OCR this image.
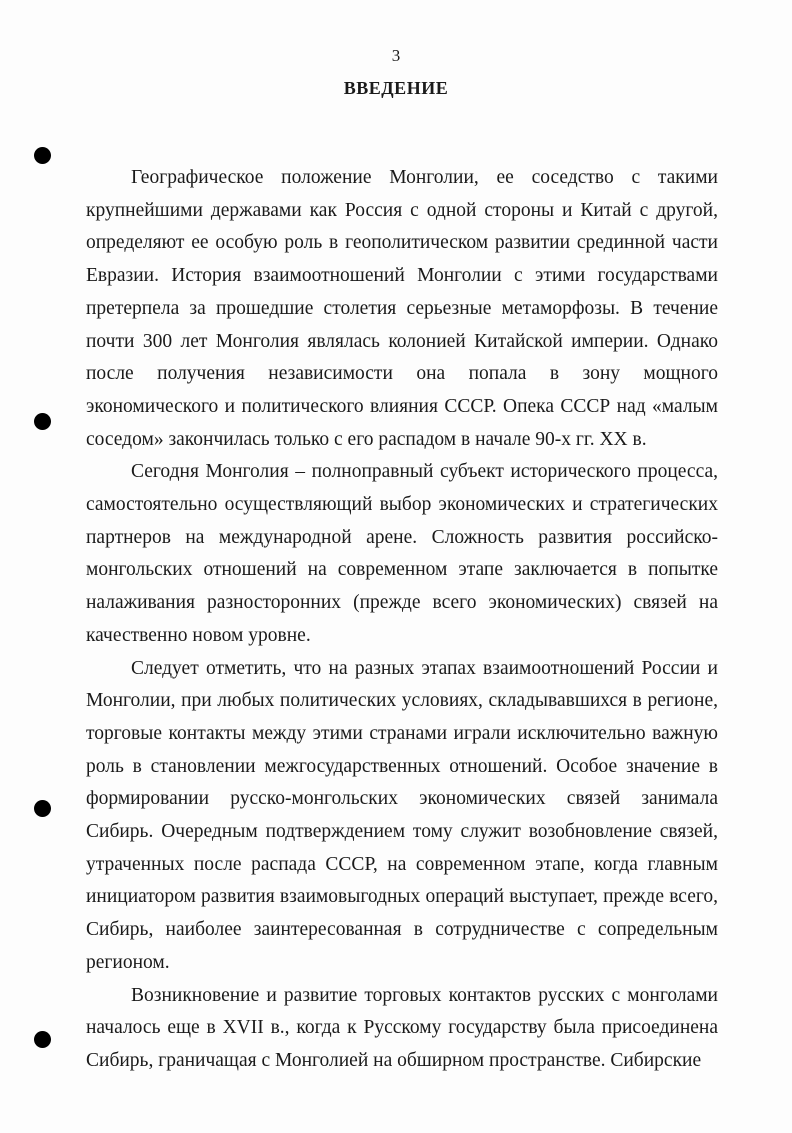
3
ВВЕДЕНИЕ

Географическое положение Монголии, ее соседство с такими крупнейшими державами как Россия с одной стороны и Китай с другой, определяют ее особую роль в геополитическом развитии срединной части Евразии. История взаимоотношений Монголии с этими государствами претерпела за прошедшие столетия серьезные метаморфозы. В течение почти 300 лет Монголия являлась колонией Китайской империи. Однако после получения независимости она попала в зону мощного экономического и политического влияния СССР. Опека СССР над «малым соседом» закончилась только с его распадом в начале 90-х гг. XX в.

Сегодня Монголия – полноправный субъект исторического процесса, самостоятельно осуществляющий выбор экономических и стратегических партнеров на международной арене. Сложность развития российско-монгольских отношений на современном этапе заключается в попытке налаживания разносторонних (прежде всего экономических) связей на качественно новом уровне.

Следует отметить, что на разных этапах взаимоотношений России и Монголии, при любых политических условиях, складывавшихся в регионе, торговые контакты между этими странами играли исключительно важную роль в становлении межгосударственных отношений. Особое значение в формировании русско-монгольских экономических связей занимала Сибирь. Очередным подтверждением тому служит возобновление связей, утраченных после распада СССР, на современном этапе, когда главным инициатором развития взаимовыгодных операций выступает, прежде всего, Сибирь, наиболее заинтересованная в сотрудничестве с сопредельным регионом.

Возникновение и развитие торговых контактов русских с монголами началось еще в XVII в., когда к Русскому государству была присоединена Сибирь, граничащая с Монголией на обширном пространстве. Сибирские
